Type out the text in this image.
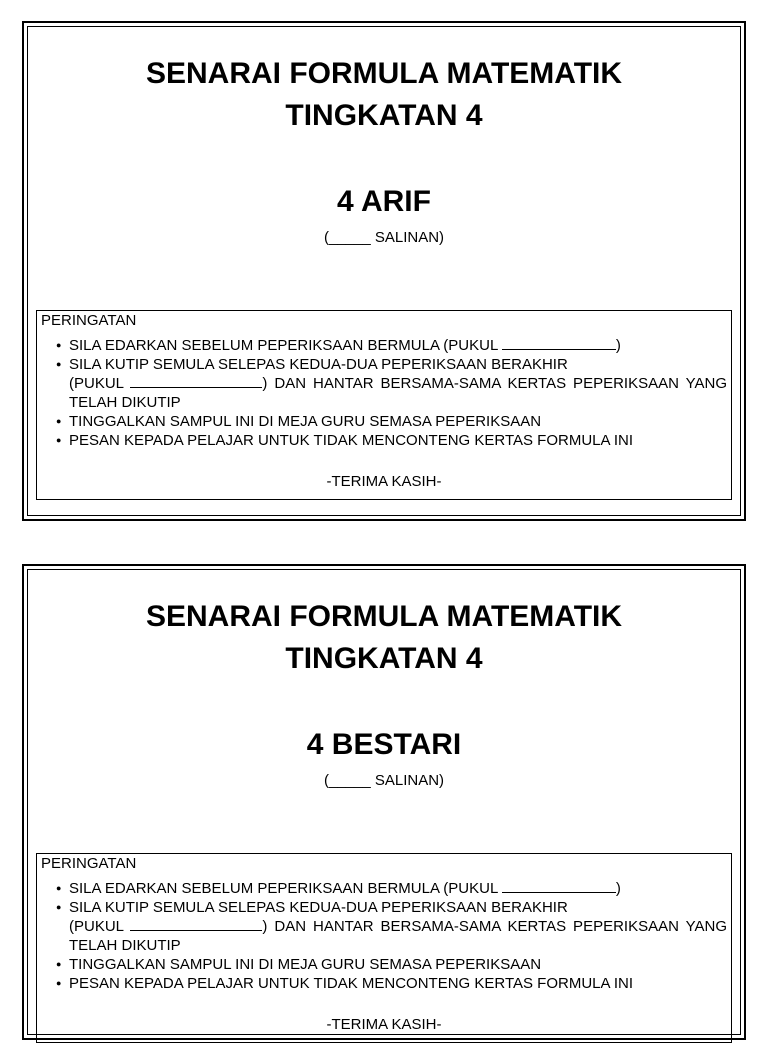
SENARAI FORMULA MATEMATIK
TINGKATAN 4
4 ARIF
(_____ SALINAN)
PERINGATAN
● SILA EDARKAN SEBELUM PEPERIKSAAN BERMULA (PUKUL	)
● SILA KUTIP SEMULA SELEPAS KEDUA-DUA PEPERIKSAAN BERAKHIR
(PUKUL	) DAN HANTAR BERSAMA-SAMA KERTAS PEPERIKSAAN YANG TELAH DIKUTIP
● TINGGALKAN SAMPUL INI DI MEJA GURU SEMASA PEPERIKSAAN
● PESAN KEPADA PELAJAR UNTUK TIDAK MENCONTENG KERTAS FORMULA INI
-TERIMA KASIH-
SENARAI FORMULA MATEMATIK
TINGKATAN 4
4 BESTARI
(_____ SALINAN)
PERINGATAN
● SILA EDARKAN SEBELUM PEPERIKSAAN BERMULA (PUKUL	)
● SILA KUTIP SEMULA SELEPAS KEDUA-DUA PEPERIKSAAN BERAKHIR
(PUKUL	) DAN HANTAR BERSAMA-SAMA KERTAS PEPERIKSAAN YANG TELAH DIKUTIP
● TINGGALKAN SAMPUL INI DI MEJA GURU SEMASA PEPERIKSAAN
● PESAN KEPADA PELAJAR UNTUK TIDAK MENCONTENG KERTAS FORMULA INI
-TERIMA KASIH-
